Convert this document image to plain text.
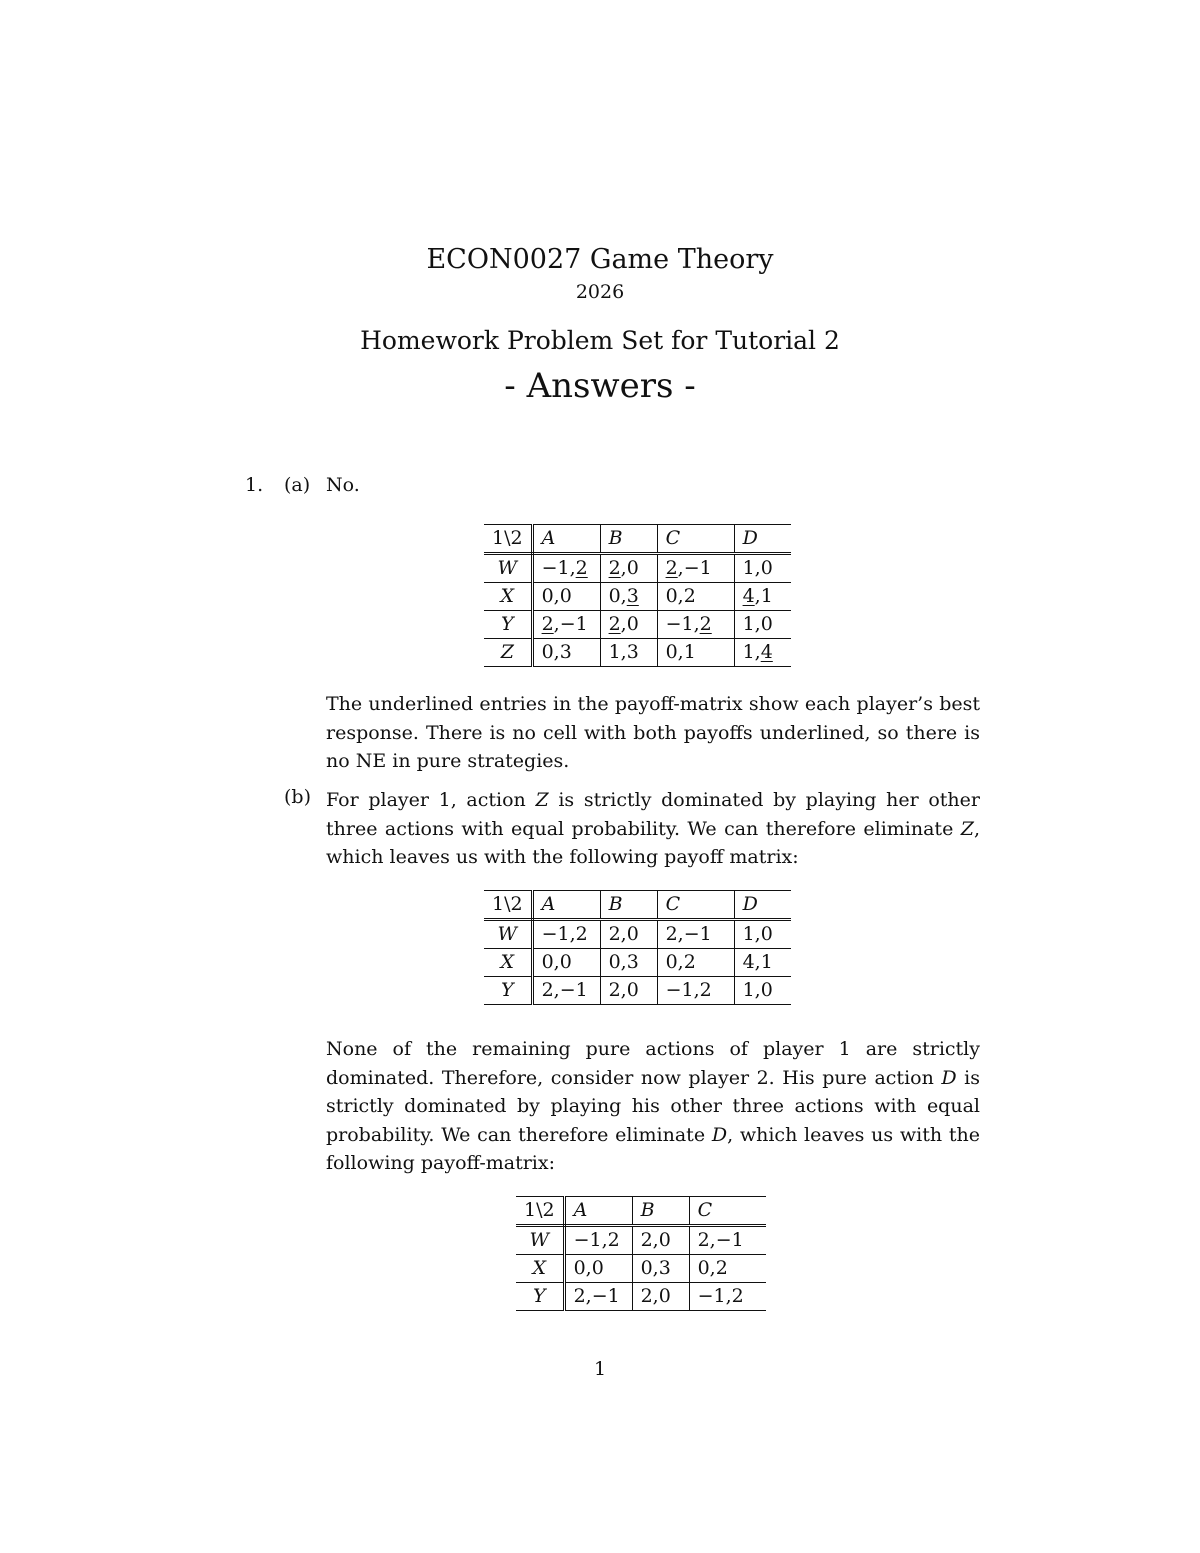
ECON0027 Game Theory
2026
Homework Problem Set for Tutorial 2
- Answers -
1. (a) No.
1\2	A	B	C	D
W	−1,2	2,0	2,−1	1,0
X	0,0	0,3	0,2	4,1
Y	2,−1	2,0	−1,2	1,0
Z	0,3	1,3	0,1	1,4
The underlined entries in the payoff-matrix show each player’s best response. There is no cell with both payoffs underlined, so there is no NE in pure strategies.
(b) For player 1, action Z is strictly dominated by playing her other three actions with equal probability. We can therefore eliminate Z, which leaves us with the following payoff matrix:
1\2	A	B	C	D
W	−1,2	2,0	2,−1	1,0
X	0,0	0,3	0,2	4,1
Y	2,−1	2,0	−1,2	1,0
None of the remaining pure actions of player 1 are strictly dominated. Therefore, consider now player 2. His pure action D is strictly dominated by playing his other three actions with equal probability. We can therefore eliminate D, which leaves us with the following payoff-matrix:
1\2	A	B	C
W	−1,2	2,0	2,−1
X	0,0	0,3	0,2
Y	2,−1	2,0	−1,2
1
